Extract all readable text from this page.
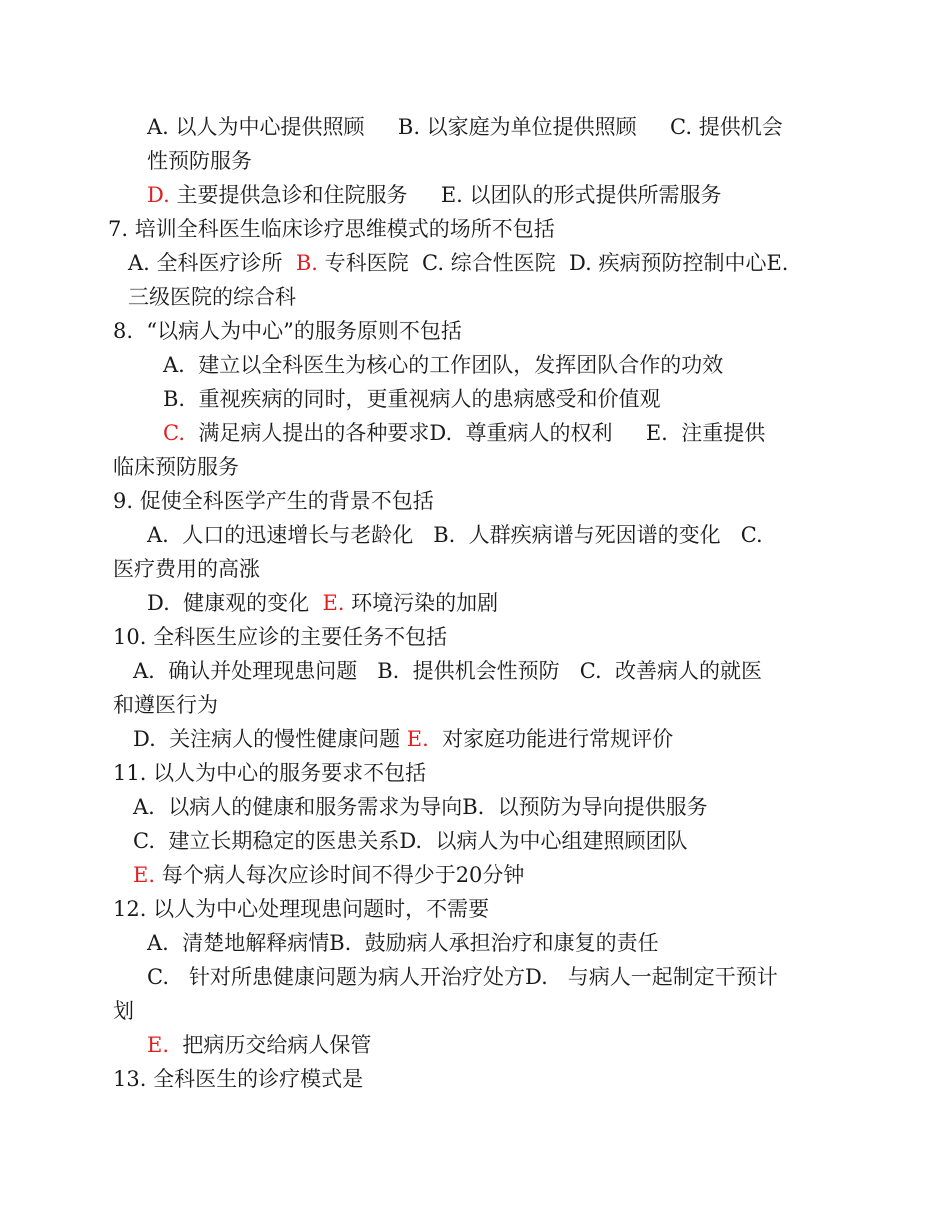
A. 以人为中心提供照顾     B. 以家庭为单位提供照顾     C. 提供机会
性预防服务
D. 主要提供急诊和住院服务     E. 以团队的形式提供所需服务
7. 培训全科医生临床诊疗思维模式的场所不包括
A. 全科医疗诊所  B. 专科医院  C. 综合性医院  D. 疾病预防控制中心E.
三级医院的综合科
8.  “以病人为中心”的服务原则不包括
A.  建立以全科医生为核心的工作团队，发挥团队合作的功效
B.  重视疾病的同时，更重视病人的患病感受和价值观
C.  满足病人提出的各种要求D.  尊重病人的权利     E.  注重提供
临床预防服务
9. 促使全科医学产生的背景不包括
A.  人口的迅速增长与老龄化   B.  人群疾病谱与死因谱的变化   C.
医疗费用的高涨
D.  健康观的变化  E. 环境污染的加剧
10. 全科医生应诊的主要任务不包括
A.  确认并处理现患问题   B.  提供机会性预防   C.  改善病人的就医
和遵医行为
D.  关注病人的慢性健康问题 E.  对家庭功能进行常规评价
11. 以人为中心的服务要求不包括
A.  以病人的健康和服务需求为导向B.  以预防为导向提供服务
C.  建立长期稳定的医患关系D.  以病人为中心组建照顾团队
E. 每个病人每次应诊时间不得少于20分钟
12. 以人为中心处理现患问题时，不需要
A.  清楚地解释病情B.  鼓励病人承担治疗和康复的责任
C.   针对所患健康问题为病人开治疗处方D.   与病人一起制定干预计
划
E.  把病历交给病人保管
13. 全科医生的诊疗模式是
